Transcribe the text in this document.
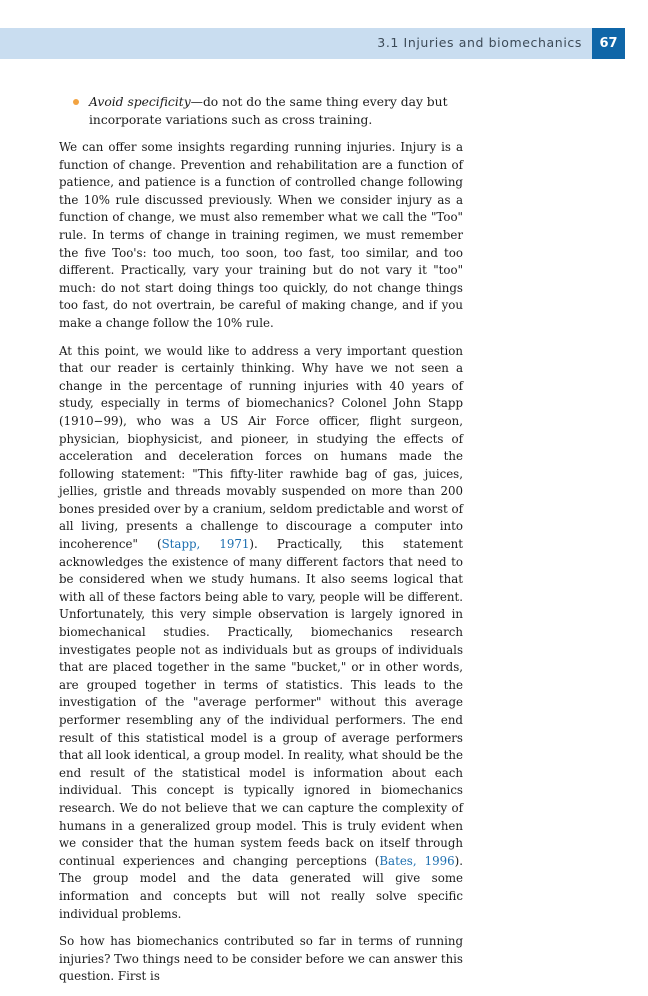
3.1 Injuries and biomechanics	67
Avoid specificity—do not do the same thing every day but incorporate variations such as cross training.

We can offer some insights regarding running injuries. Injury is a function of change. Prevention and rehabilitation are a function of patience, and patience is a function of controlled change following the 10% rule discussed previously. When we consider injury as a function of change, we must also remember what we call the "Too" rule. In terms of change in training regimen, we must remember the five Too's: too much, too soon, too fast, too similar, and too different. Practically, vary your training but do not vary it "too" much: do not start doing things too quickly, do not change things too fast, do not overtrain, be careful of making change, and if you make a change follow the 10% rule.

At this point, we would like to address a very important question that our reader is certainly thinking. Why have we not seen a change in the percentage of running injuries with 40 years of study, especially in terms of biomechanics? Colonel John Stapp (1910−99), who was a US Air Force officer, flight surgeon, physician, biophysicist, and pioneer, in studying the effects of acceleration and deceleration forces on humans made the following statement: "This fifty-liter rawhide bag of gas, juices, jellies, gristle and threads movably suspended on more than 200 bones presided over by a cranium, seldom predictable and worst of all living, presents a challenge to discourage a computer into incoherence" (Stapp, 1971). Practically, this statement acknowledges the existence of many different factors that need to be considered when we study humans. It also seems logical that with all of these factors being able to vary, people will be different. Unfortunately, this very simple observation is largely ignored in biomechanical studies. Practically, biomechanics research investigates people not as individuals but as groups of individuals that are placed together in the same "bucket," or in other words, are grouped together in terms of statistics. This leads to the investigation of the "average performer" without this average performer resembling any of the individual performers. The end result of this statistical model is a group of average performers that all look identical, a group model. In reality, what should be the end result of the statistical model is information about each individual. This concept is typically ignored in biomechanics research. We do not believe that we can capture the complexity of humans in a generalized group model. This is truly evident when we consider that the human system feeds back on itself through continual experiences and changing perceptions (Bates, 1996). The group model and the data generated will give some information and concepts but will not really solve specific individual problems.

So how has biomechanics contributed so far in terms of running injuries? Two things need to be consider before we can answer this question. First is
